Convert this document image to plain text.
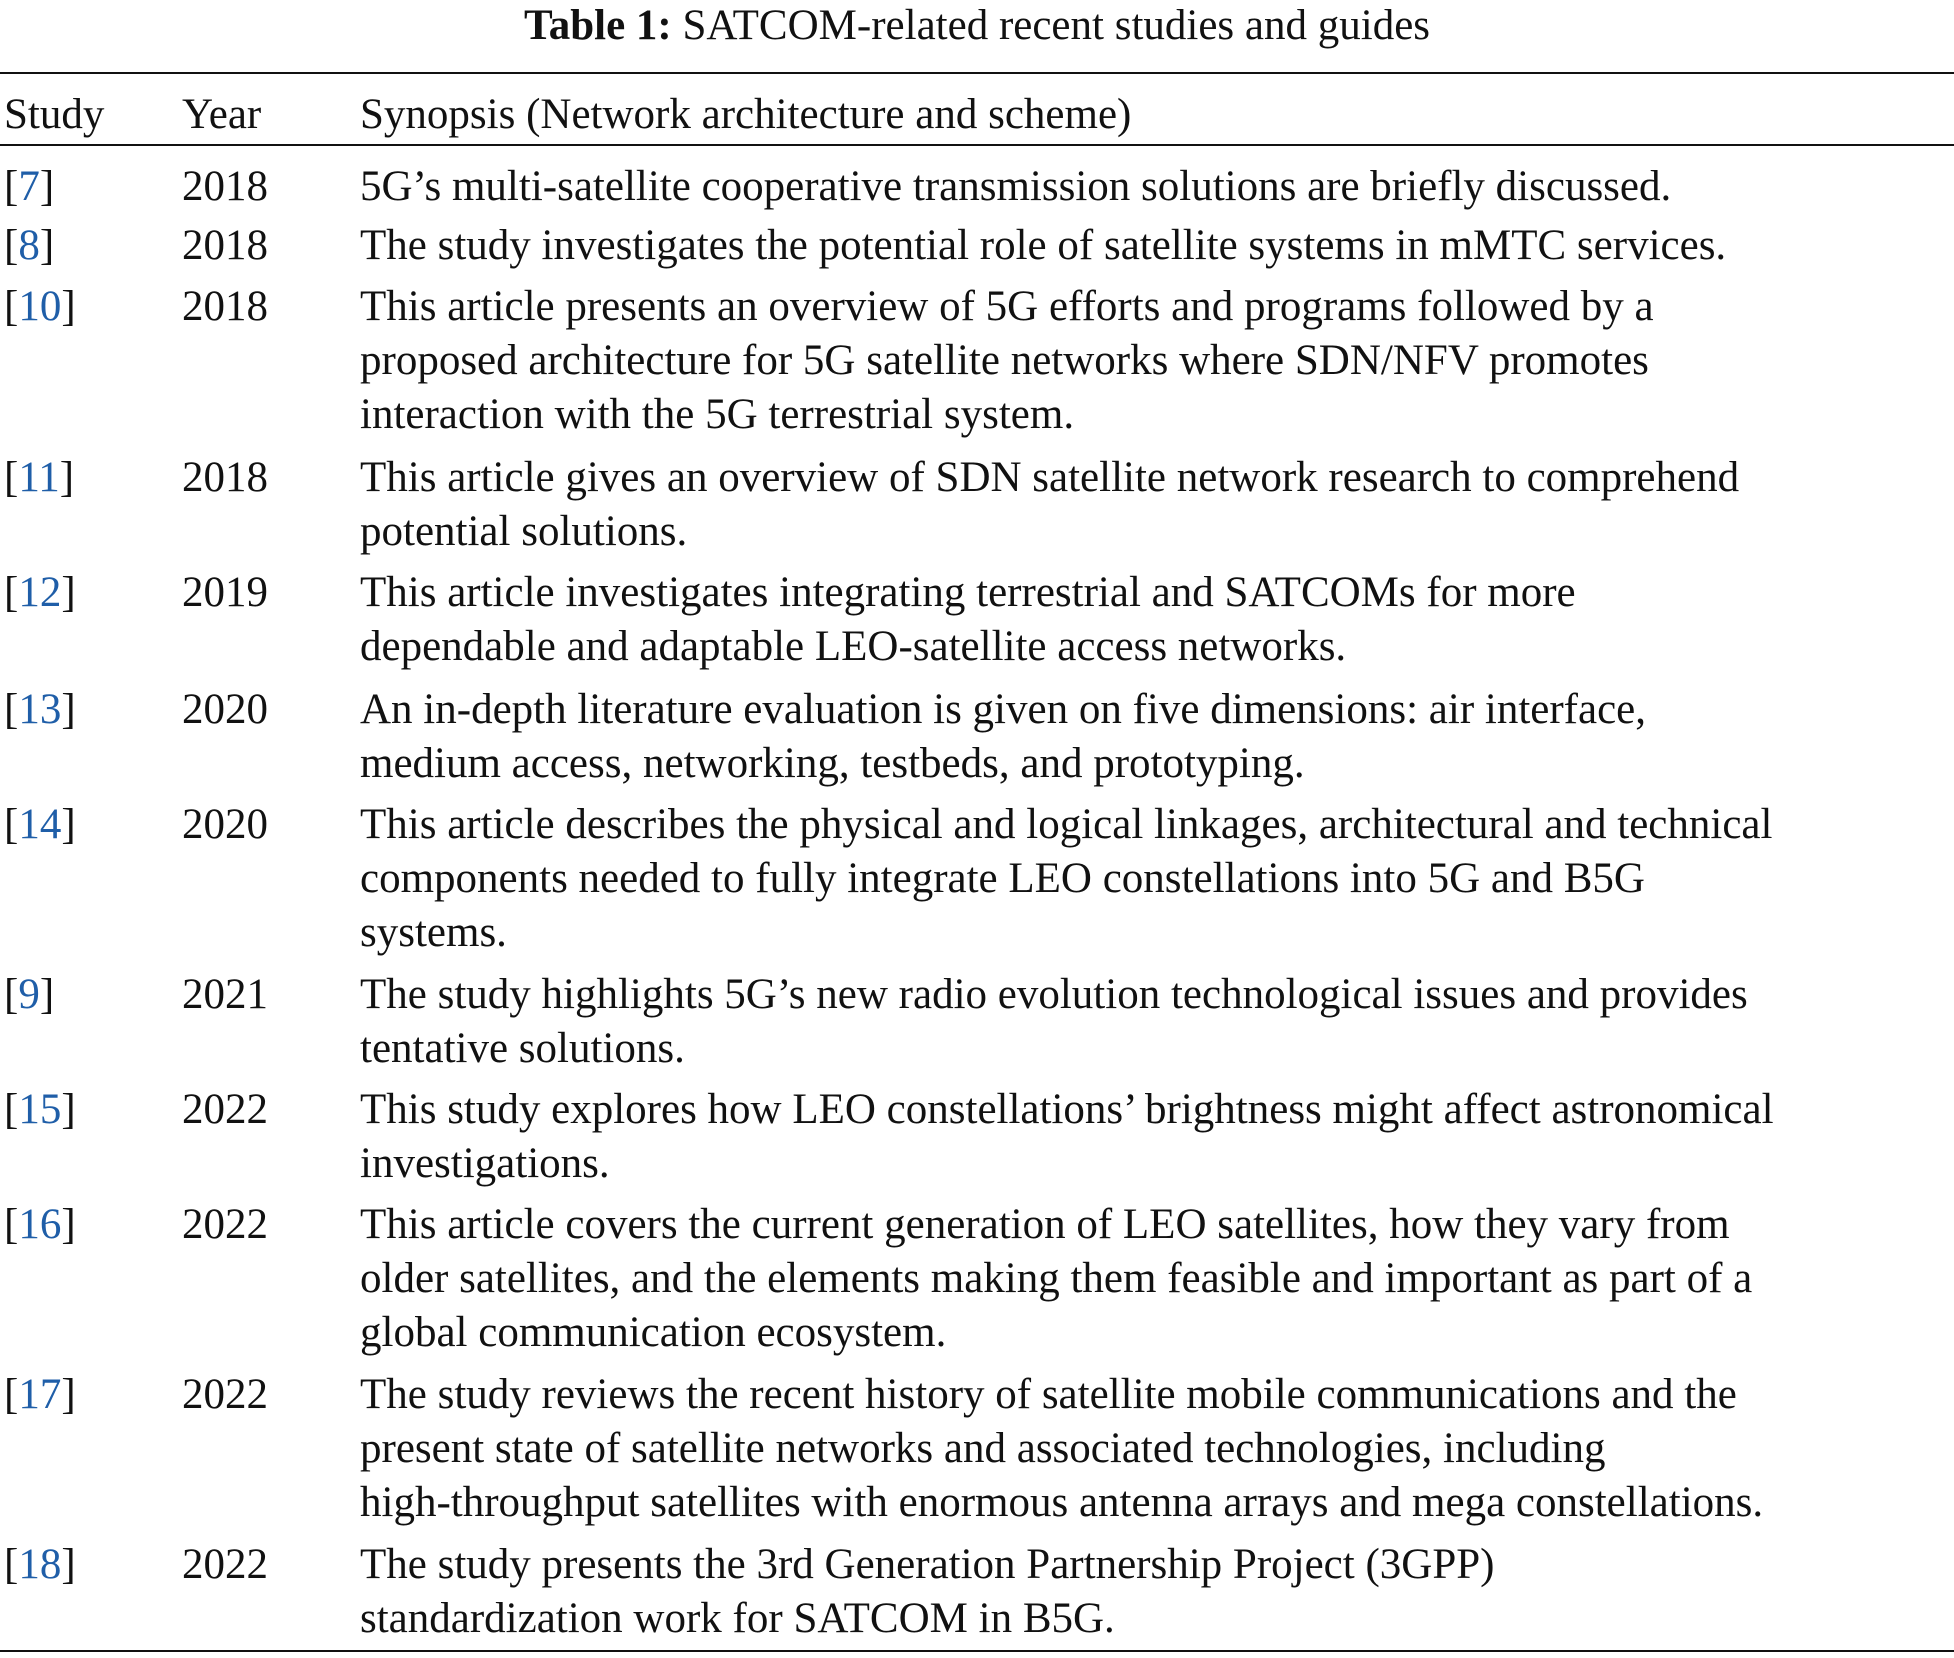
Table 1: SATCOM-related recent studies and guides
Study Year Synopsis (Network architecture and scheme)
[7]	2018 5G’s multi-satellite cooperative transmission solutions are briefly discussed.
[8]	2018 The study investigates the potential role of satellite systems in mMTC services.
[10] 2018 This article presents an overview of 5G efforts and programs followed by a
proposed architecture for 5G satellite networks where SDN/NFV promotes
interaction with the 5G terrestrial system.
[11]	2018 This article gives an overview of SDN satellite network research to comprehend
potential solutions.
[12] 2019 This article investigates integrating terrestrial and SATCOMs for more
dependable and adaptable LEO-satellite access networks.
[13] 2020 An in-depth literature evaluation is given on five dimensions: air interface,
medium access, networking, testbeds, and prototyping.
[14] 2020 This article describes the physical and logical linkages, architectural and technical
components needed to fully integrate LEO constellations into 5G and B5G
systems.
[9]	2021 The study highlights 5G’s new radio evolution technological issues and provides
tentative solutions.
[15] 2022 This study explores how LEO constellations’ brightness might affect astronomical
investigations.
[16] 2022 This article covers the current generation of LEO satellites, how they vary from
older satellites, and the elements making them feasible and important as part of a
global communication ecosystem.
[17] 2022 The study reviews the recent history of satellite mobile communications and the
present state of satellite networks and associated technologies, including
high-throughput satellites with enormous antenna arrays and mega constellations.
[18] 2022 The study presents the 3rd Generation Partnership Project (3GPP)
standardization work for SATCOM in B5G.
